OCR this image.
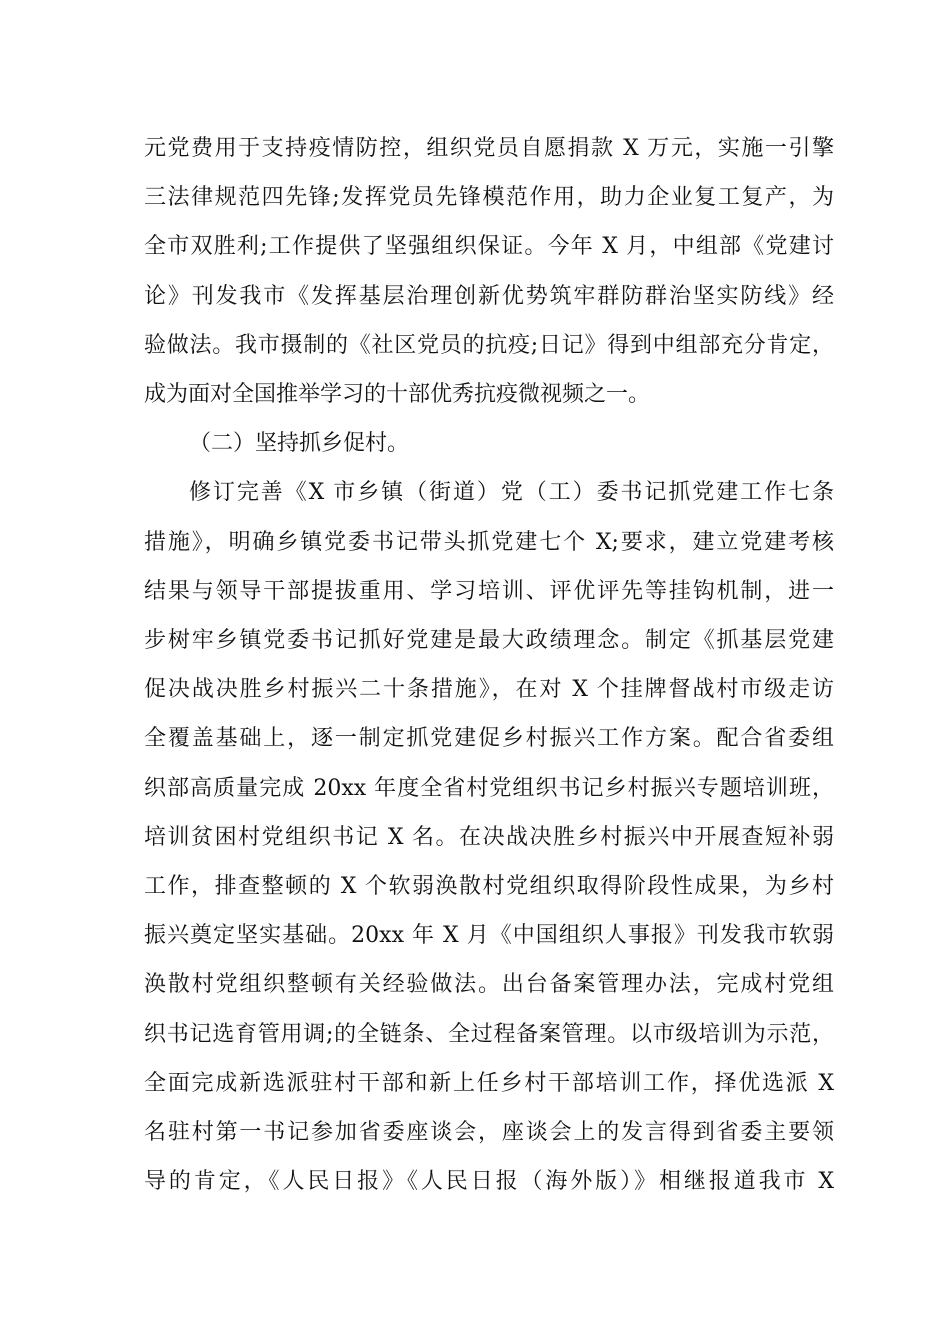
元党费用于支持疫情防控，组织党员自愿捐款 X 万元，实施一引擎
三法律规范四先锋;发挥党员先锋模范作用，助力企业复工复产，为
全市双胜利;工作提供了坚强组织保证。今年 X 月，中组部《党建讨
论》刊发我市《发挥基层治理创新优势筑牢群防群治坚实防线》经
验做法。我市摄制的《社区党员的抗疫;日记》得到中组部充分肯定，
成为面对全国推举学习的十部优秀抗疫微视频之一。
（二）坚持抓乡促村。
修订完善《X 市乡镇（街道）党（工）委书记抓党建工作七条
措施》，明确乡镇党委书记带头抓党建七个 X;要求，建立党建考核
结果与领导干部提拔重用、学习培训、评优评先等挂钩机制，进一
步树牢乡镇党委书记抓好党建是最大政绩理念。制定《抓基层党建
促决战决胜乡村振兴二十条措施》，在对 X 个挂牌督战村市级走访
全覆盖基础上，逐一制定抓党建促乡村振兴工作方案。配合省委组
织部高质量完成 20xx 年度全省村党组织书记乡村振兴专题培训班，
培训贫困村党组织书记 X 名。在决战决胜乡村振兴中开展查短补弱
工作，排查整顿的 X 个软弱涣散村党组织取得阶段性成果，为乡村
振兴奠定坚实基础。20xx 年 X 月《中国组织人事报》刊发我市软弱
涣散村党组织整顿有关经验做法。出台备案管理办法，完成村党组
织书记选育管用调;的全链条、全过程备案管理。以市级培训为示范，
全面完成新选派驻村干部和新上任乡村干部培训工作，择优选派 X
名驻村第一书记参加省委座谈会，座谈会上的发言得到省委主要领
导的肯定，《人民日报》《人民日报（海外版）》相继报道我市 X
